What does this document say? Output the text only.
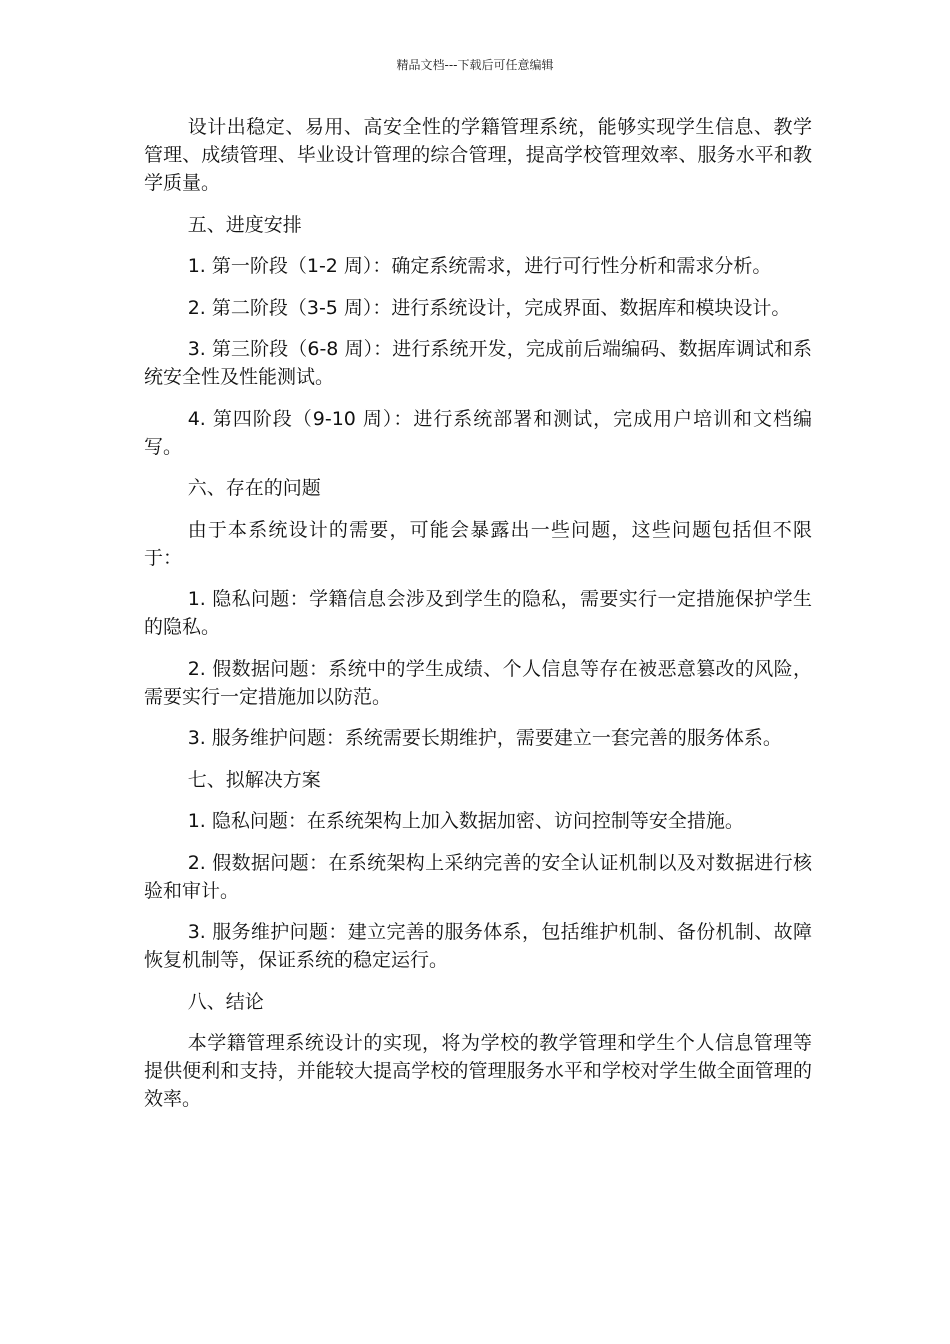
精品文档---下载后可任意编辑

设计出稳定、易用、高安全性的学籍管理系统，能够实现学生信息、教学管理、成绩管理、毕业设计管理的综合管理，提高学校管理效率、服务水平和教学质量。

五、进度安排

1. 第一阶段（1-2 周）：确定系统需求，进行可行性分析和需求分析。

2. 第二阶段（3-5 周）：进行系统设计，完成界面、数据库和模块设计。

3. 第三阶段（6-8 周）：进行系统开发，完成前后端编码、数据库调试和系统安全性及性能测试。

4. 第四阶段（9-10 周）：进行系统部署和测试，完成用户培训和文档编写。

六、存在的问题

由于本系统设计的需要，可能会暴露出一些问题，这些问题包括但不限于：

1. 隐私问题：学籍信息会涉及到学生的隐私，需要实行一定措施保护学生的隐私。

2. 假数据问题：系统中的学生成绩、个人信息等存在被恶意篡改的风险，需要实行一定措施加以防范。

3. 服务维护问题：系统需要长期维护，需要建立一套完善的服务体系。

七、拟解决方案

1. 隐私问题：在系统架构上加入数据加密、访问控制等安全措施。

2. 假数据问题：在系统架构上采纳完善的安全认证机制以及对数据进行核验和审计。

3. 服务维护问题：建立完善的服务体系，包括维护机制、备份机制、故障恢复机制等，保证系统的稳定运行。

八、结论

本学籍管理系统设计的实现，将为学校的教学管理和学生个人信息管理等提供便利和支持，并能较大提高学校的管理服务水平和学校对学生做全面管理的效率。
